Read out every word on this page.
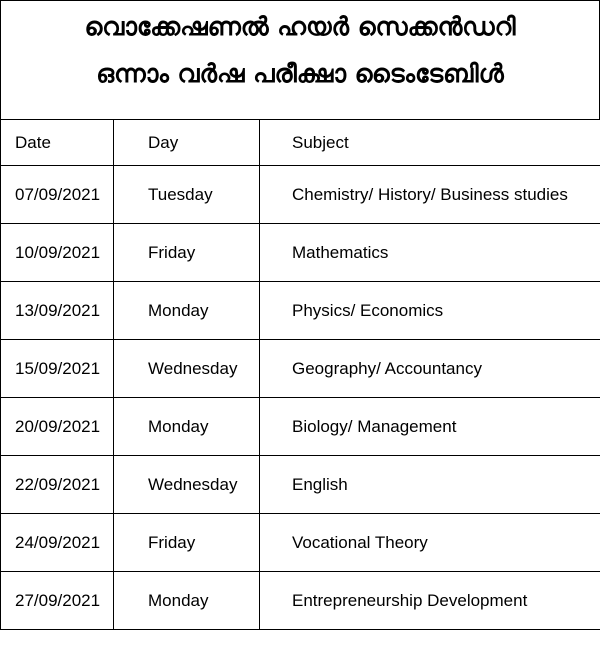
വൊക്കേഷണൽ ഹയർ സെക്കൻഡറി
ഒന്നാം വർഷ പരീക്ഷാ ടൈംടേബിൾ
Date	Day	Subject
07/09/2021	Tuesday	Chemistry/ History/ Business studies
10/09/2021	Friday	Mathematics
13/09/2021	Monday	Physics/ Economics
15/09/2021	Wednesday	Geography/ Accountancy
20/09/2021	Monday	Biology/ Management
22/09/2021	Wednesday	English
24/09/2021	Friday	Vocational Theory
27/09/2021	Monday	Entrepreneurship Development
